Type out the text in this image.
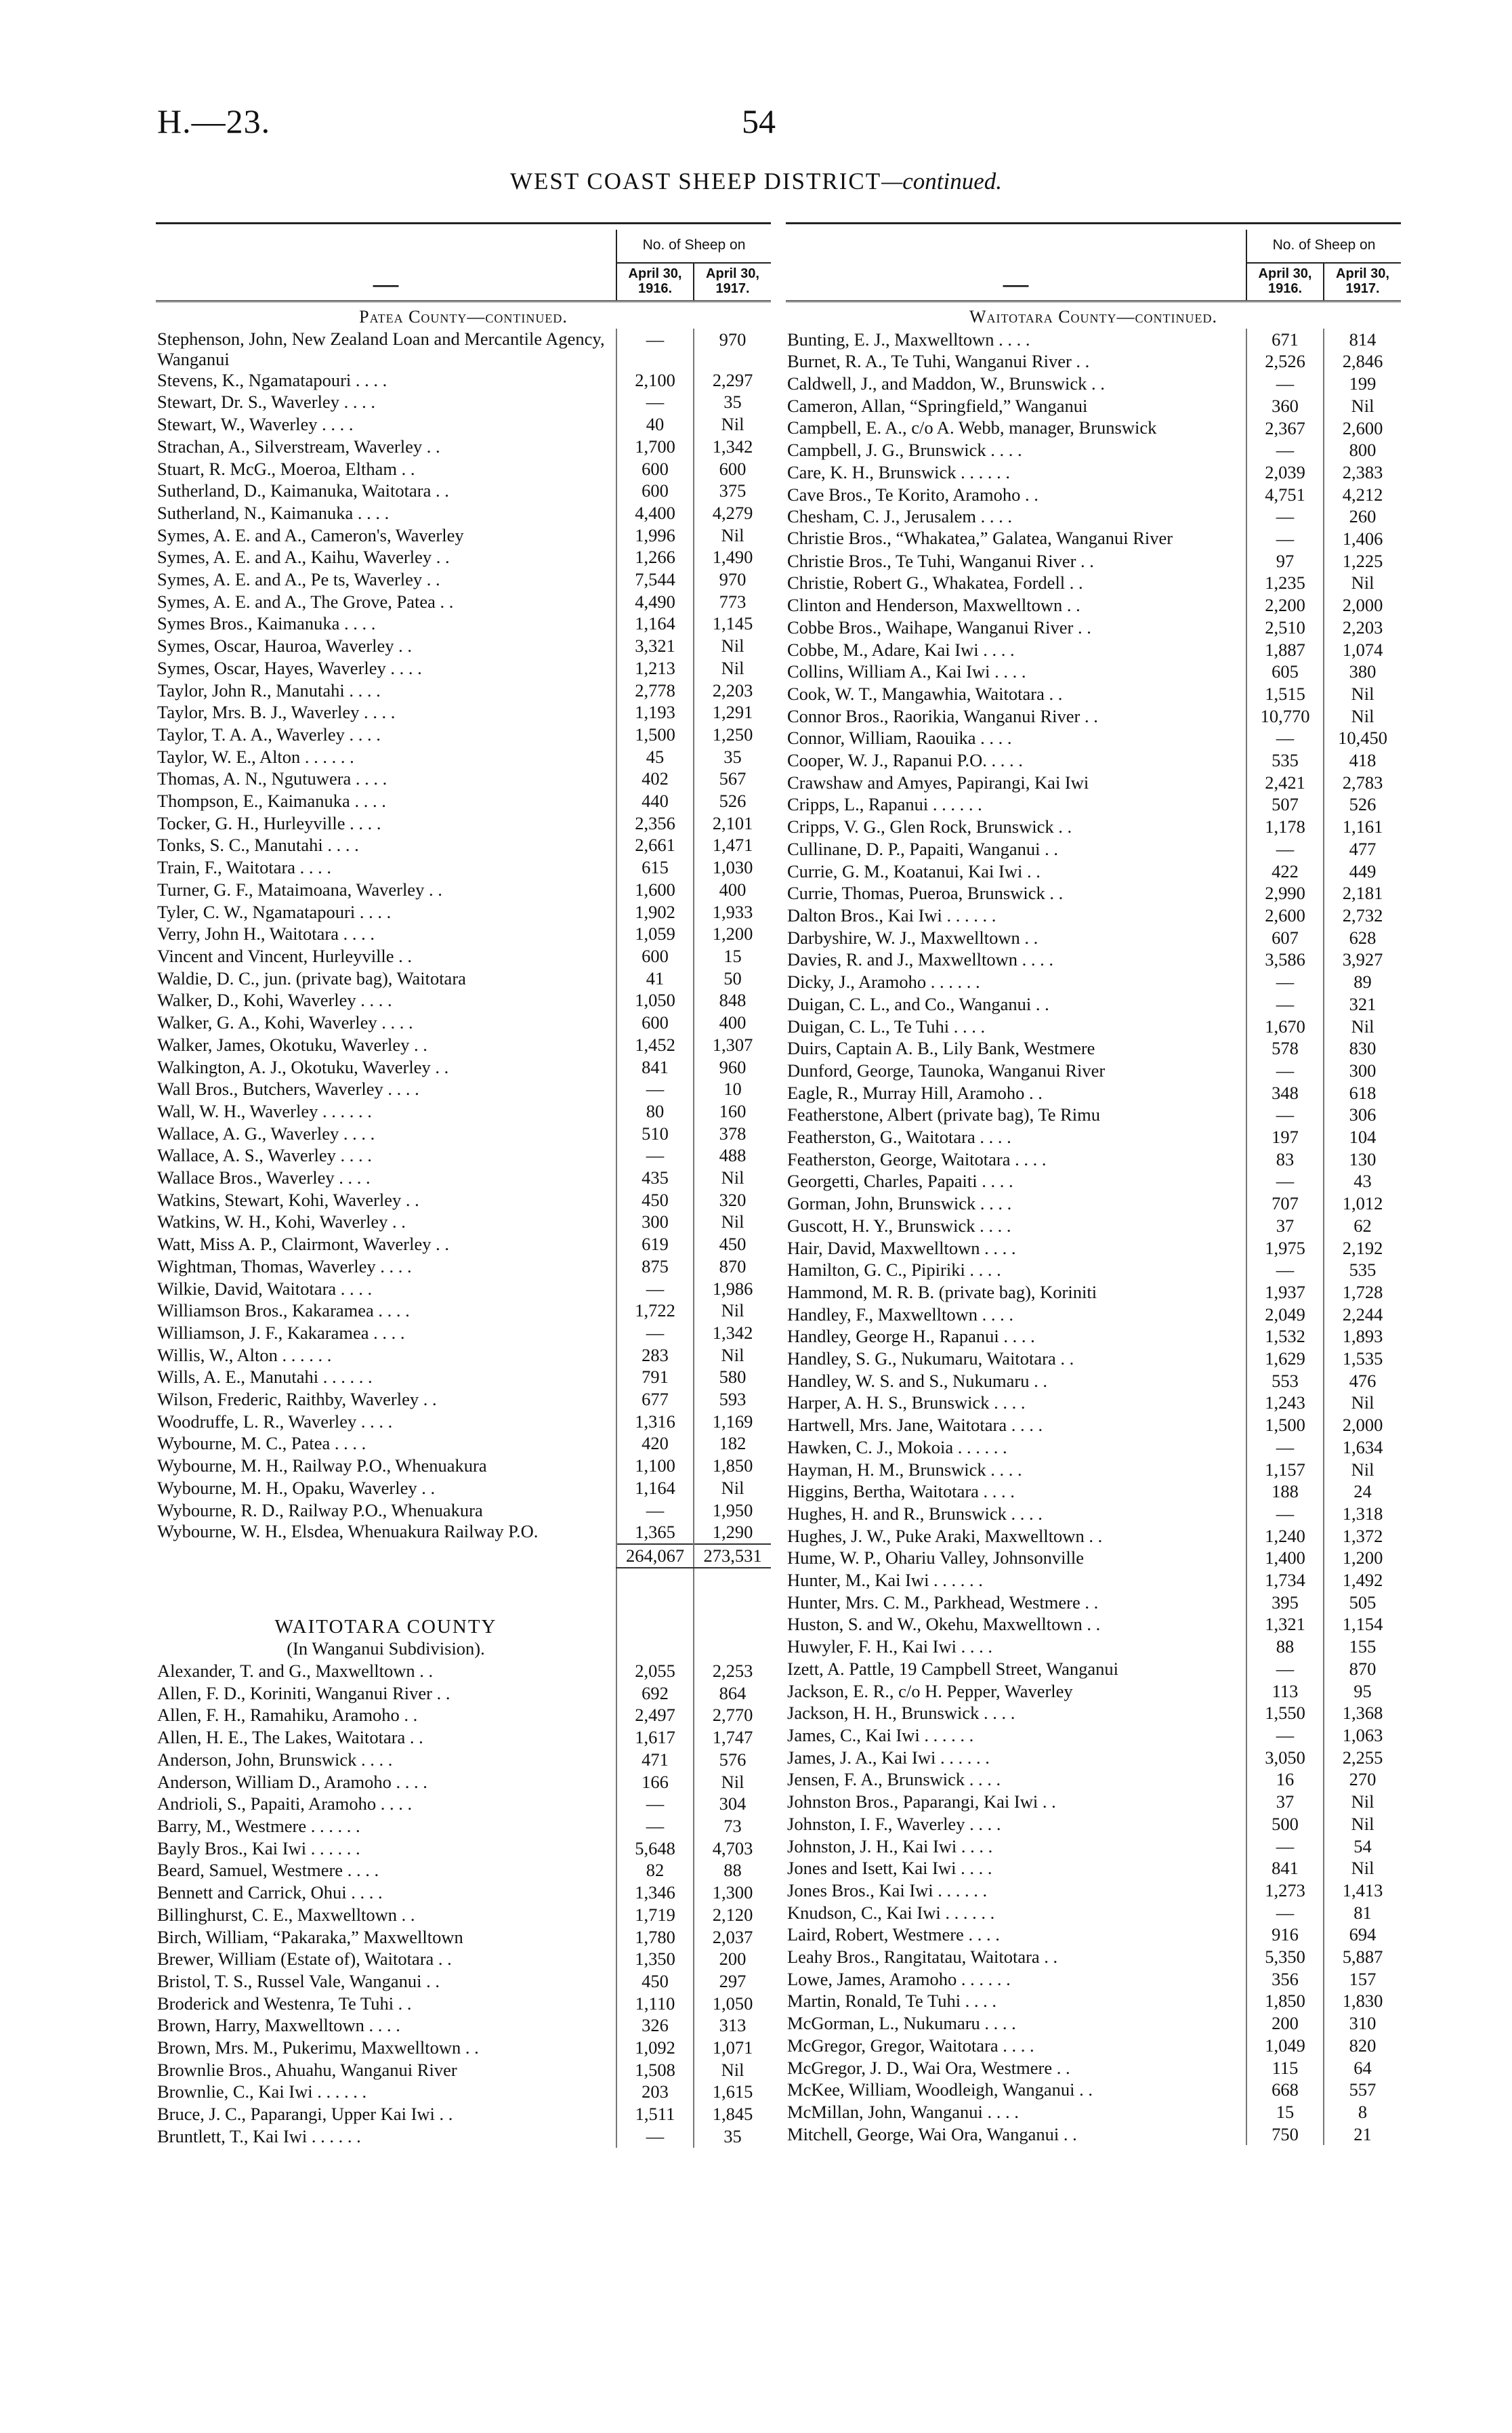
H.—23.	54
WEST COAST SHEEP DISTRICT—continued.

—	No. of Sheep on	
	April 30, 1916.	April 30, 1917.

Patea County—continued.		
Stephenson, John, New Zealand Loan and Mercantile Agency, Wanganui	—	970
Stevens, K., Ngamatapouri . . . .	2,100	2,297
Stewart, Dr. S., Waverley . . . .	—	35
Stewart, W., Waverley . . . .	40	Nil
Strachan, A., Silverstream, Waverley . .	1,700	1,342
Stuart, R. McG., Moeroa, Eltham . .	600	600
Sutherland, D., Kaimanuka, Waitotara . .	600	375
Sutherland, N., Kaimanuka . . . .	4,400	4,279
Symes, A. E. and A., Cameron's, Waverley	1,996	Nil
Symes, A. E. and A., Kaihu, Waverley . .	1,266	1,490
Symes, A. E. and A., Pe ts, Waverley . .	7,544	970
Symes, A. E. and A., The Grove, Patea . .	4,490	773
Symes Bros., Kaimanuka . . . .	1,164	1,145
Symes, Oscar, Hauroa, Waverley . .	3,321	Nil
Symes, Oscar, Hayes, Waverley . . . .	1,213	Nil
Taylor, John R., Manutahi . . . .	2,778	2,203
Taylor, Mrs. B. J., Waverley . . . .	1,193	1,291
Taylor, T. A. A., Waverley . . . .	1,500	1,250
Taylor, W. E., Alton . . . . . .	45	35
Thomas, A. N., Ngutuwera . . . .	402	567
Thompson, E., Kaimanuka . . . .	440	526
Tocker, G. H., Hurleyville . . . .	2,356	2,101
Tonks, S. C., Manutahi . . . .	2,661	1,471
Train, F., Waitotara . . . .	615	1,030
Turner, G. F., Mataimoana, Waverley . .	1,600	400
Tyler, C. W., Ngamatapouri . . . .	1,902	1,933
Verry, John H., Waitotara . . . .	1,059	1,200
Vincent and Vincent, Hurleyville . .	600	15
Waldie, D. C., jun. (private bag), Waitotara	41	50
Walker, D., Kohi, Waverley . . . .	1,050	848
Walker, G. A., Kohi, Waverley . . . .	600	400
Walker, James, Okotuku, Waverley . .	1,452	1,307
Walkington, A. J., Okotuku, Waverley . .	841	960
Wall Bros., Butchers, Waverley . . . .	—	10
Wall, W. H., Waverley . . . . . .	80	160
Wallace, A. G., Waverley . . . .	510	378
Wallace, A. S., Waverley . . . .	—	488
Wallace Bros., Waverley . . . .	435	Nil
Watkins, Stewart, Kohi, Waverley . .	450	320
Watkins, W. H., Kohi, Waverley . .	300	Nil
Watt, Miss A. P., Clairmont, Waverley . .	619	450
Wightman, Thomas, Waverley . . . .	875	870
Wilkie, David, Waitotara . . . .	—	1,986
Williamson Bros., Kakaramea . . . .	1,722	Nil
Williamson, J. F., Kakaramea . . . .	—	1,342
Willis, W., Alton . . . . . .	283	Nil
Wills, A. E., Manutahi . . . . . .	791	580
Wilson, Frederic, Raithby, Waverley . .	677	593
Woodruffe, L. R., Waverley . . . .	1,316	1,169
Wybourne, M. C., Patea . . . .	420	182
Wybourne, M. H., Railway P.O., Whenuakura	1,100	1,850
Wybourne, M. H., Opaku, Waverley . .	1,164	Nil
Wybourne, R. D., Railway P.O., Whenuakura	—	1,950
Wybourne, W. H., Elsdea, Whenuakura Railway P.O.	1,365	1,290
	264,067	273,531

WAITOTARA COUNTY		
(In Wanganui Subdivision).		
Alexander, T. and G., Maxwelltown . .	2,055	2,253
Allen, F. D., Koriniti, Wanganui River . .	692	864
Allen, F. H., Ramahiku, Aramoho . .	2,497	2,770
Allen, H. E., The Lakes, Waitotara . .	1,617	1,747
Anderson, John, Brunswick . . . .	471	576
Anderson, William D., Aramoho . . . .	166	Nil
Andrioli, S., Papaiti, Aramoho . . . .	—	304
Barry, M., Westmere . . . . . .	—	73
Bayly Bros., Kai Iwi . . . . . .	5,648	4,703
Beard, Samuel, Westmere . . . .	82	88
Bennett and Carrick, Ohui . . . .	1,346	1,300
Billinghurst, C. E., Maxwelltown . .	1,719	2,120
Birch, William, “Pakaraka,” Maxwelltown	1,780	2,037
Brewer, William (Estate of), Waitotara . .	1,350	200
Bristol, T. S., Russel Vale, Wanganui . .	450	297
Broderick and Westenra, Te Tuhi . .	1,110	1,050
Brown, Harry, Maxwelltown . . . .	326	313
Brown, Mrs. M., Pukerimu, Maxwelltown . .	1,092	1,071
Brownlie Bros., Ahuahu, Wanganui River	1,508	Nil
Brownlie, C., Kai Iwi . . . . . .	203	1,615
Bruce, J. C., Paparangi, Upper Kai Iwi . .	1,511	1,845
Bruntlett, T., Kai Iwi . . . . . .	—	35

—	No. of Sheep on	
	April 30, 1916.	April 30, 1917.

Waitotara County—continued.		
Bunting, E. J., Maxwelltown . . . .	671	814
Burnet, R. A., Te Tuhi, Wanganui River . .	2,526	2,846
Caldwell, J., and Maddon, W., Brunswick . .	—	199
Cameron, Allan, “Springfield,” Wanganui	360	Nil
Campbell, E. A., c/o A. Webb, manager, Brunswick	2,367	2,600
Campbell, J. G., Brunswick . . . .	—	800
Care, K. H., Brunswick . . . . . .	2,039	2,383
Cave Bros., Te Korito, Aramoho . .	4,751	4,212
Chesham, C. J., Jerusalem . . . .	—	260
Christie Bros., “Whakatea,” Galatea, Wanganui River	—	1,406
Christie Bros., Te Tuhi, Wanganui River . .	97	1,225
Christie, Robert G., Whakatea, Fordell . .	1,235	Nil
Clinton and Henderson, Maxwelltown . .	2,200	2,000
Cobbe Bros., Waihape, Wanganui River . .	2,510	2,203
Cobbe, M., Adare, Kai Iwi . . . .	1,887	1,074
Collins, William A., Kai Iwi . . . .	605	380
Cook, W. T., Mangawhia, Waitotara . .	1,515	Nil
Connor Bros., Raorikia, Wanganui River . .	10,770	Nil
Connor, William, Raouika . . . .	—	10,450
Cooper, W. J., Rapanui P.O. . . . .	535	418
Crawshaw and Amyes, Papirangi, Kai Iwi	2,421	2,783
Cripps, L., Rapanui . . . . . .	507	526
Cripps, V. G., Glen Rock, Brunswick . .	1,178	1,161
Cullinane, D. P., Papaiti, Wanganui . .	—	477
Currie, G. M., Koatanui, Kai Iwi . .	422	449
Currie, Thomas, Pueroa, Brunswick . .	2,990	2,181
Dalton Bros., Kai Iwi . . . . . .	2,600	2,732
Darbyshire, W. J., Maxwelltown . .	607	628
Davies, R. and J., Maxwelltown . . . .	3,586	3,927
Dicky, J., Aramoho . . . . . .	—	89
Duigan, C. L., and Co., Wanganui . .	—	321
Duigan, C. L., Te Tuhi . . . .	1,670	Nil
Duirs, Captain A. B., Lily Bank, Westmere	578	830
Dunford, George, Taunoka, Wanganui River	—	300
Eagle, R., Murray Hill, Aramoho . .	348	618
Featherstone, Albert (private bag), Te Rimu	—	306
Featherston, G., Waitotara . . . .	197	104
Featherston, George, Waitotara . . . .	83	130
Georgetti, Charles, Papaiti . . . .	—	43
Gorman, John, Brunswick . . . .	707	1,012
Guscott, H. Y., Brunswick . . . .	37	62
Hair, David, Maxwelltown . . . .	1,975	2,192
Hamilton, G. C., Pipiriki . . . .	—	535
Hammond, M. R. B. (private bag), Koriniti	1,937	1,728
Handley, F., Maxwelltown . . . .	2,049	2,244
Handley, George H., Rapanui . . . .	1,532	1,893
Handley, S. G., Nukumaru, Waitotara . .	1,629	1,535
Handley, W. S. and S., Nukumaru . .	553	476
Harper, A. H. S., Brunswick . . . .	1,243	Nil
Hartwell, Mrs. Jane, Waitotara . . . .	1,500	2,000
Hawken, C. J., Mokoia . . . . . .	—	1,634
Hayman, H. M., Brunswick . . . .	1,157	Nil
Higgins, Bertha, Waitotara . . . .	188	24
Hughes, H. and R., Brunswick . . . .	—	1,318
Hughes, J. W., Puke Araki, Maxwelltown . .	1,240	1,372
Hume, W. P., Ohariu Valley, Johnsonville	1,400	1,200
Hunter, M., Kai Iwi . . . . . .	1,734	1,492
Hunter, Mrs. C. M., Parkhead, Westmere . .	395	505
Huston, S. and W., Okehu, Maxwelltown . .	1,321	1,154
Huwyler, F. H., Kai Iwi . . . .	88	155
Izett, A. Pattle, 19 Campbell Street, Wanganui	—	870
Jackson, E. R., c/o H. Pepper, Waverley	113	95
Jackson, H. H., Brunswick . . . .	1,550	1,368
James, C., Kai Iwi . . . . . .	—	1,063
James, J. A., Kai Iwi . . . . . .	3,050	2,255
Jensen, F. A., Brunswick . . . .	16	270
Johnston Bros., Paparangi, Kai Iwi . .	37	Nil
Johnston, I. F., Waverley . . . .	500	Nil
Johnston, J. H., Kai Iwi . . . .	—	54
Jones and Isett, Kai Iwi . . . .	841	Nil
Jones Bros., Kai Iwi . . . . . .	1,273	1,413
Knudson, C., Kai Iwi . . . . . .	—	81
Laird, Robert, Westmere . . . .	916	694
Leahy Bros., Rangitatau, Waitotara . .	5,350	5,887
Lowe, James, Aramoho . . . . . .	356	157
Martin, Ronald, Te Tuhi . . . .	1,850	1,830
McGorman, L., Nukumaru . . . .	200	310
McGregor, Gregor, Waitotara . . . .	1,049	820
McGregor, J. D., Wai Ora, Westmere . .	115	64
McKee, William, Woodleigh, Wanganui . .	668	557
McMillan, John, Wanganui . . . .	15	8
Mitchell, George, Wai Ora, Wanganui . .	750	21
